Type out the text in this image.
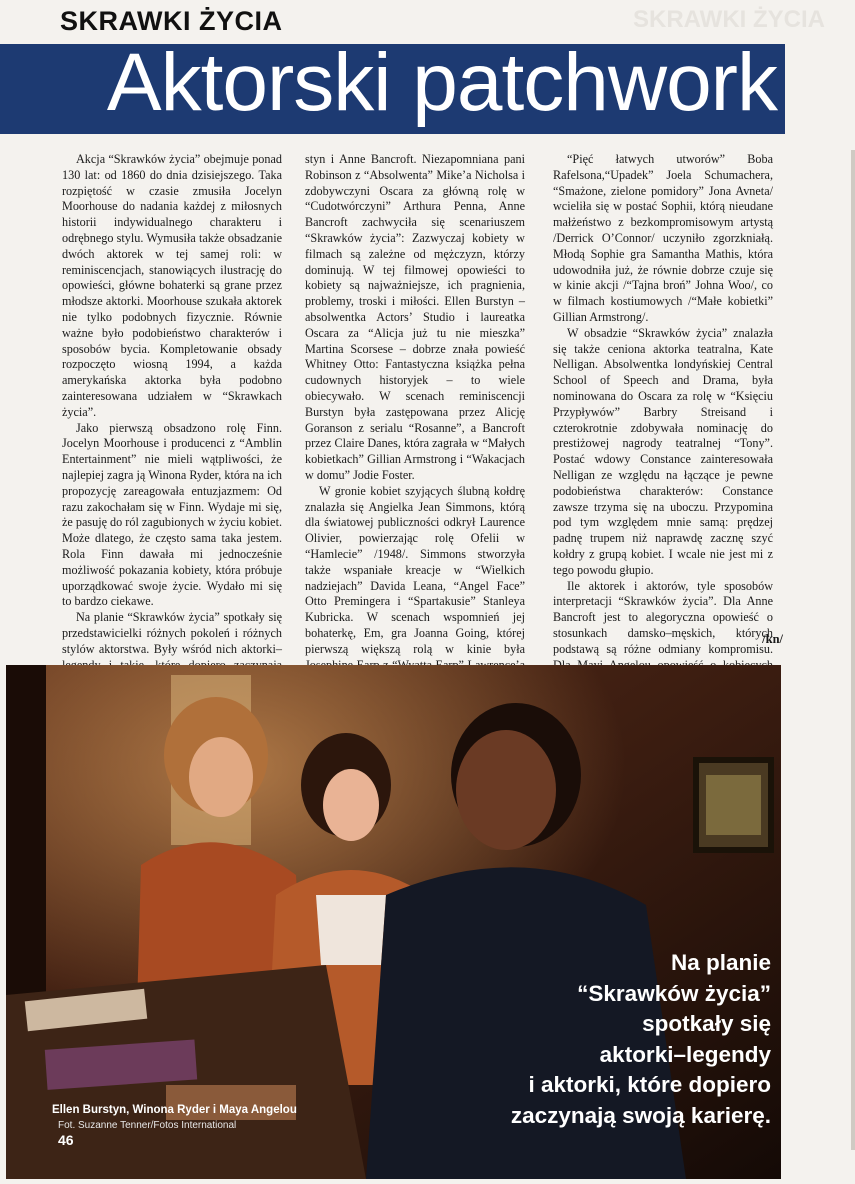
SKRAWKI ŻYCIA
SKRAWKI ŻYCIA
Aktorski patchwork

Akcja “Skrawków życia” obejmuje ponad 130 lat: od 1860 do dnia dzisiejszego. Taka rozpiętość w czasie zmusiła Jocelyn Moorhouse do nadania każdej z miłosnych historii indywidualnego charakteru i odrębnego stylu. Wymusiła także obsadzanie dwóch aktorek w tej samej roli: w reminiscencjach, stanowiących ilustrację do opowieści, główne bohaterki są grane przez młodsze aktorki. Moorhouse szukała aktorek nie tylko podobnych fizycznie. Równie ważne było podobieństwo charakterów i sposobów bycia. Kompletowanie obsady rozpoczęto wiosną 1994, a każda amerykańska aktorka była podobno zainteresowana udziałem w “Skrawkach życia”.

Jako pierwszą obsadzono rolę Finn. Jocelyn Moorhouse i producenci z “Amblin Entertainment” nie mieli wątpliwości, że najlepiej zagra ją Winona Ryder, która na ich propozycję zareagowała entuzjazmem: Od razu zakochałam się w Finn. Wydaje mi się, że pasuję do ról zagubionych w życiu kobiet. Może dlatego, że często sama taka jestem. Rola Finn dawała mi jednocześnie możliwość pokazania kobiety, która próbuje uporządkować swoje życie. Wydało mi się to bardzo ciekawe.

Na planie “Skrawków życia” spotkały się przedstawicielki różnych pokoleń i różnych stylów aktorstwa. Były wśród nich aktorki–

styn i Anne Bancroft. Niezapomniana pani Robinson z “Absolwenta” Mike’a Nicholsa i zdobywczyni Oscara za główną rolę w “Cudotwórczyni” Arthura Penna, Anne Bancroft zachwyciła się scenariuszem “Skrawków życia”: Zazwyczaj kobiety w filmach są zależne od mężczyzn, którzy dominują. W tej filmowej opowieści to kobiety są najważniejsze, ich pragnienia, problemy, troski i miłości. Ellen Burstyn – absolwentka Actors’ Studio i laureatka Oscara za “Alicja już tu nie mieszka” Martina Scorsese – dobrze znała powieść Whitney Otto: Fantastyczna książka pełna cudownych historyjek – to wiele obiecywało. W scenach reminiscencji Burstyn była zastępowana przez Alicję Goranson z serialu “Rosanne”, a Bancroft przez Claire Danes, która zagrała w “Małych kobietkach” Gillian Armstrong i “Wakacjach w domu” Jodie Foster.

W gronie kobiet szyjących ślubną kołdrę znalazła się Angielka Jean Simmons, którą dla światowej publiczności odkrył Laurence Olivier, powierzając rolę Ofelii w “Hamlecie” /1948/. Simmons stworzyła także wspaniałe kreacje w “Wielkich nadziejach” Davida Leana, “Angel Face” Otto Premingera i “Spartakusie” Stanleya Kubricka. W scenach wspomnień jej bohaterkę, Em, gra Joanna Going, której pierwszą większą rolą w kinie była

“Pięć łatwych utworów” Boba Rafelsona,“Upadek” Joela Schumachera, “Smażone, zielone pomidory” Jona Avneta/ wcieliła się w postać Sophii, którą nieudane małżeństwo z bezkompromisowym artystą /Derrick O’Connor/ uczyniło zgorzkniałą. Młodą Sophie gra Samantha Mathis, która udowodniła już, że równie dobrze czuje się w kinie akcji /“Tajna broń” Johna Woo/, co w filmach kostiumowych /“Małe kobietki” Gillian Armstrong/.

W obsadzie “Skrawków życia” znalazła się także ceniona aktorka teatralna, Kate Nelligan. Absolwentka londyńskiej Central School of Speech and Drama, była nominowana do Oscara za rolę w “Księciu Przypływów” Barbry Streisand i czterokrotnie zdobywała nominację do prestiżowej nagrody teatralnej “Tony”. Postać wdowy Constance zainteresowała Nelligan ze względu na łączące je pewne podobieństwa charakterów: Constance zawsze trzyma się na uboczu. Przypomina pod tym względem mnie samą: prędzej padnę trupem niż naprawdę zacznę szyć kołdry z grupą kobiet. I wcale nie jest mi z tego powodu głupio.

Ile aktorek i aktorów, tyle sposobów interpretacji “Skrawków życia”. Dla Anne Bancroft jest to alegoryczna opowieść o stosunkach damsko–męskich, których podstawą są różne odmiany kompromisu.

/kn/
Na planie
“Skrawków życia”
spotkały się
aktorki–legendy
i aktorki, które dopiero
zaczynają swoją karierę.
Ellen Burstyn, Winona Ryder i Maya Angelou
Fot. Suzanne Tenner/Fotos International
46
